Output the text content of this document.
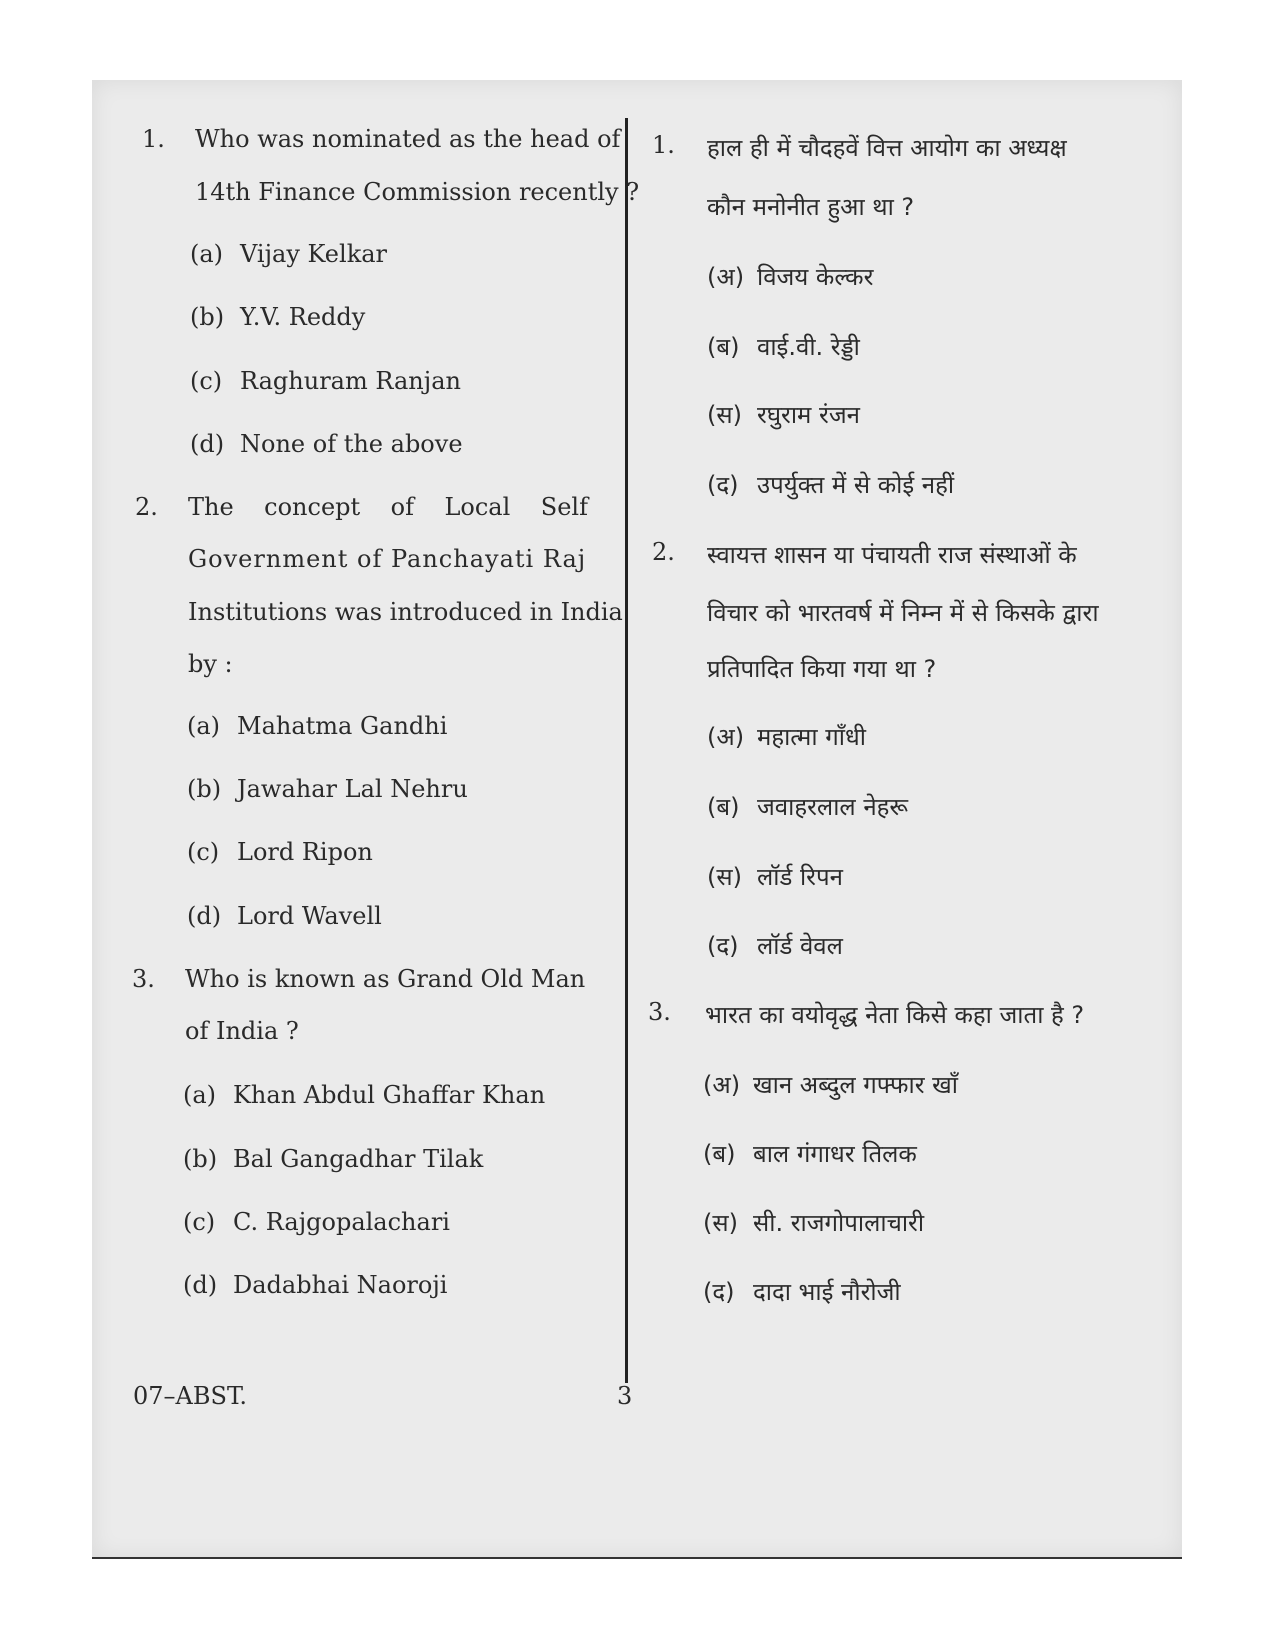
1. Who was nominated as the head of
14th Finance Commission recently ?
(a) Vijay Kelkar
(b) Y.V. Reddy
(c) Raghuram Ranjan
(d) None of the above
2. The concept of Local Self
Government of Panchayati Raj
Institutions was introduced in India
by :
(a) Mahatma Gandhi
(b) Jawahar Lal Nehru
(c) Lord Ripon
(d) Lord Wavell
3. Who is known as Grand Old Man
of India ?
(a) Khan Abdul Ghaffar Khan
(b) Bal Gangadhar Tilak
(c) C. Rajgopalachari
(d) Dadabhai Naoroji
1. हाल ही में चौदहवें वित्त आयोग का अध्यक्ष
कौन मनोनीत हुआ था ?
(अ) विजय केल्कर
(ब) वाई.वी. रेड्डी
(स) रघुराम रंजन
(द) उपर्युक्त में से कोई नहीं
2. स्वायत्त शासन या पंचायती राज संस्थाओं के
विचार को भारतवर्ष में निम्न में से किसके द्वारा
प्रतिपादित किया गया था ?
(अ) महात्मा गाँधी
(ब) जवाहरलाल नेहरू
(स) लॉर्ड रिपन
(द) लॉर्ड वेवल
3. भारत का वयोवृद्ध नेता किसे कहा जाता है ?
(अ) खान अब्दुल गफ्फार खाँ
(ब) बाल गंगाधर तिलक
(स) सी. राजगोपालाचारी
(द) दादा भाई नौरोजी
07–ABST.	3
